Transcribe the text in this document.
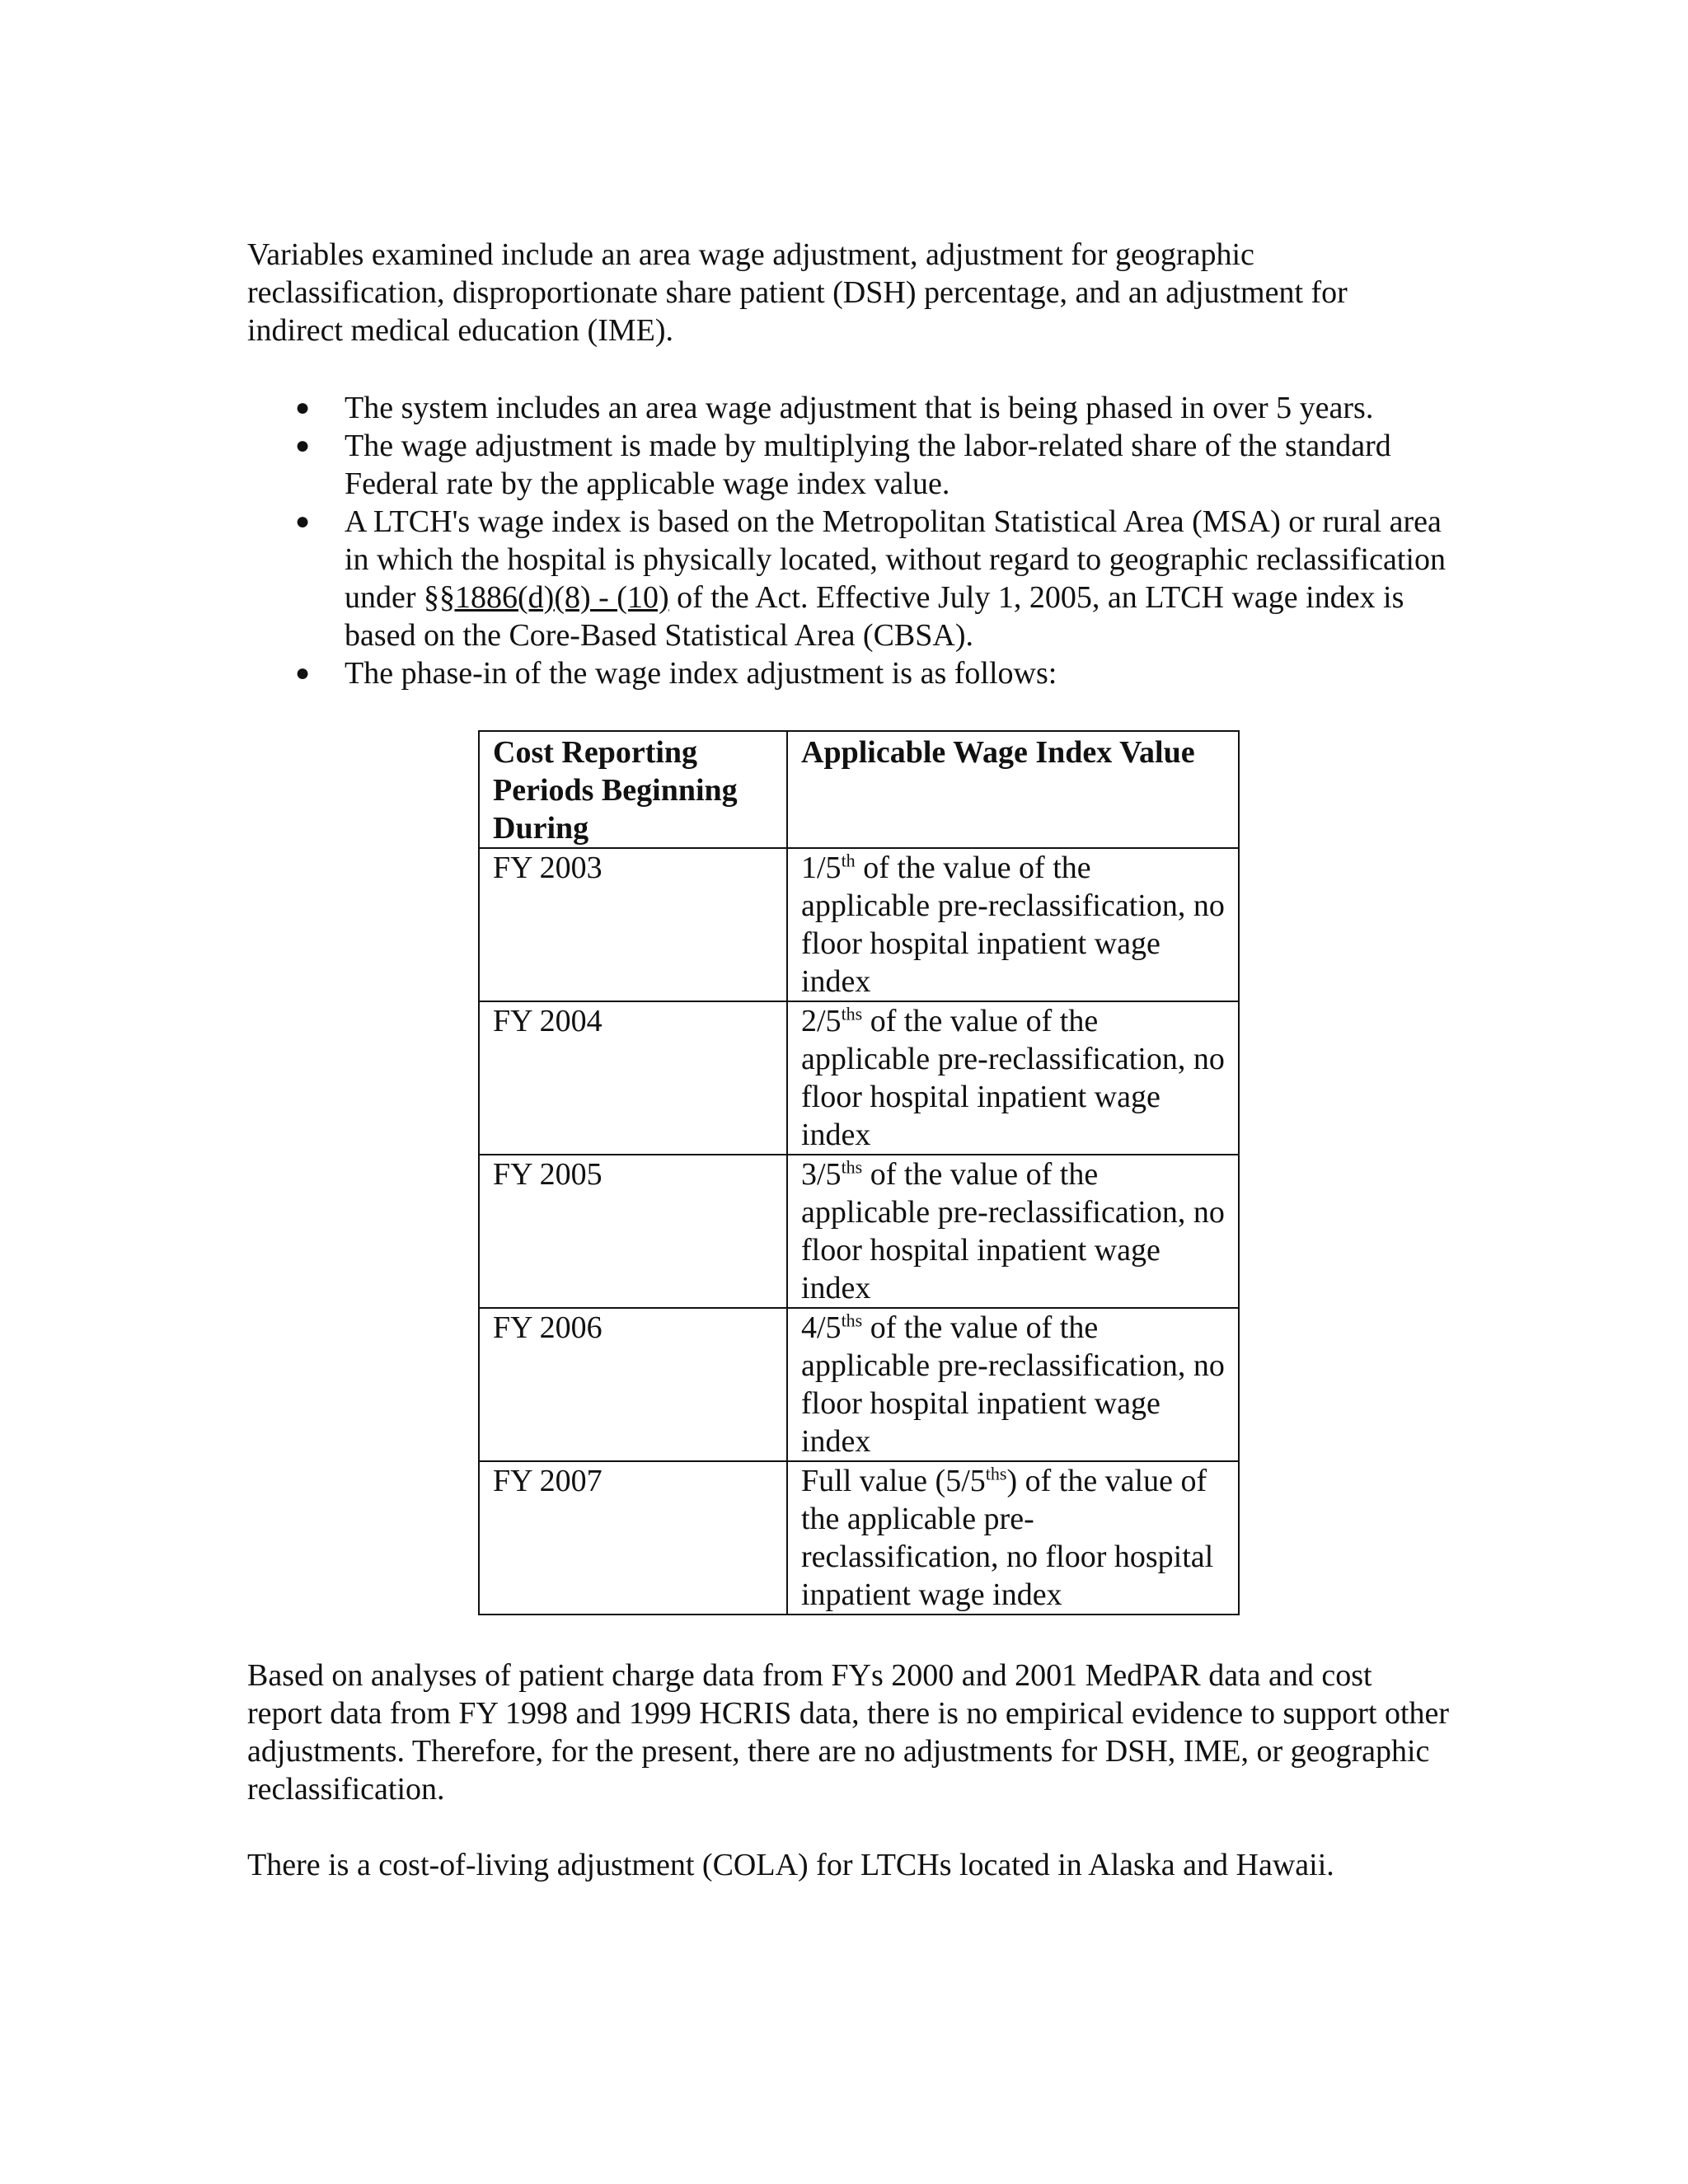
Variables examined include an area wage adjustment, adjustment for geographic reclassification, disproportionate share patient (DSH) percentage, and an adjustment for indirect medical education (IME).

● The system includes an area wage adjustment that is being phased in over 5 years.
● The wage adjustment is made by multiplying the labor-related share of the standard Federal rate by the applicable wage index value.
● A LTCH's wage index is based on the Metropolitan Statistical Area (MSA) or rural area in which the hospital is physically located, without regard to geographic reclassification under §§1886(d)(8) - (10) of the Act. Effective July 1, 2005, an LTCH wage index is based on the Core-Based Statistical Area (CBSA).
● The phase-in of the wage index adjustment is as follows:
Cost Reporting Periods Beginning During	Applicable Wage Index Value
FY 2003	1/5th of the value of the applicable pre-reclassification, no floor hospital inpatient wage index
FY 2004	$2/5^{ths}$ of the value of the applicable pre-reclassification, no floor hospital inpatient wage index
FY 2005	$3/5^{ths}$ of the value of the applicable pre-reclassification, no floor hospital inpatient wage index
FY 2006	$4/5^{ths}$ of the value of the applicable pre-reclassification, no floor hospital inpatient wage index
FY 2007	Full value $(5/5^{ths})$ of the value of the applicable pre-reclassification, no floor hospital inpatient wage index

Based on analyses of patient charge data from FYs 2000 and 2001 MedPAR data and cost report data from FY 1998 and 1999 HCRIS data, there is no empirical evidence to support other adjustments. Therefore, for the present, there are no adjustments for DSH, IME, or geographic reclassification.

There is a cost-of-living adjustment (COLA) for LTCHs located in Alaska and Hawaii.
